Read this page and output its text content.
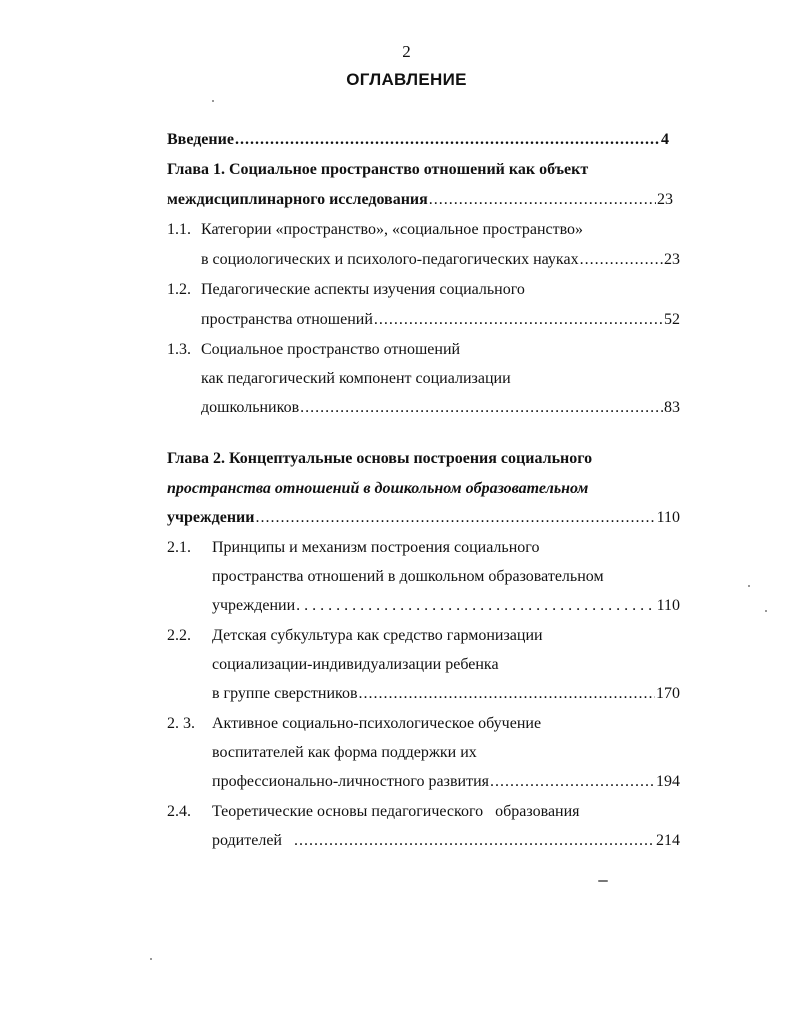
2
ОГЛАВЛЕНИЕ
Введение .....	4
Глава 1. Социальное пространство отношений как объект
междисциплинарного исследования .....	23
1.1. Категории «пространство», «социальное пространство»
в социологических и психолого-педагогических науках .....	23
1.2. Педагогические аспекты изучения социального
пространства отношений .....	52
1.3. Социальное пространство отношений
как педагогический компонент социализации
дошкольников .....	83
Глава 2. Концептуальные основы построения социального
пространства отношений в дошкольном образовательном
учреждении .....	110
2.1. Принципы и механизм построения социального
пространства отношений в дошкольном образовательном
учреждении .....	110
2.2. Детская субкультура как средство гармонизации
социализации-индивидуализации ребенка
в группе сверстников .....	170
2. 3. Активное социально-психологическое обучение
воспитателей как форма поддержки их
профессионально-личностного развития .....	194
2.4. Теоретические основы педагогического   образования
родителей .....	214
